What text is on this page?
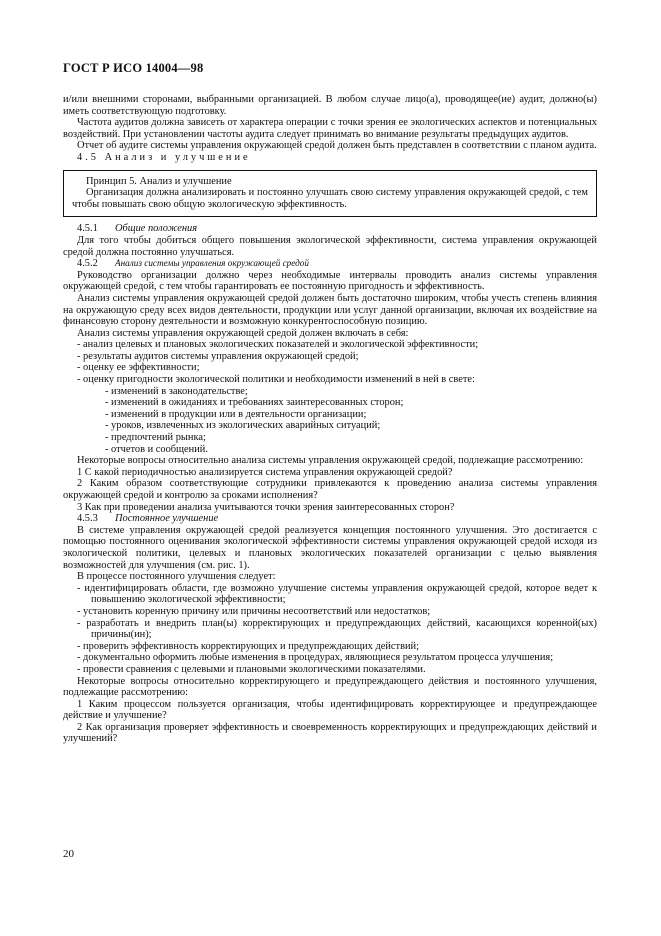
ГОСТ Р ИСО 14004—98

и/или внешними сторонами, выбранными организацией. В любом случае лицо(а), проводящее(ие) аудит, должно(ы) иметь соответствующую подготовку.

Частота аудитов должна зависеть от характера операции с точки зрения ее экологических аспектов и потенциальных воздействий. При установлении частоты аудита следует принимать во внимание результаты предыдущих аудитов.

Отчет об аудите системы управления окружающей средой должен быть представлен в соответствии с планом аудита.

4.5 Анализ и улучшение

Принцип 5. Анализ и улучшение

Организация должна анализировать и постоянно улучшать свою систему управления окружающей средой, с тем чтобы повышать свою общую экологическую эффективность.

4.5.1 Общие положения

Для того чтобы добиться общего повышения экологической эффективности, система управления окружающей средой должна постоянно улучшаться.

4.5.2 Анализ системы управления окружающей средой

Руководство организации должно через необходимые интервалы проводить анализ системы управления окружающей средой, с тем чтобы гарантировать ее постоянную пригодность и эффективность.

Анализ системы управления окружающей средой должен быть достаточно широким, чтобы учесть степень влияния на окружающую среду всех видов деятельности, продукции или услуг данной организации, включая их воздействие на финансовую сторону деятельности и возможную конкурентоспособную позицию.

Анализ системы управления окружающей средой должен включать в себя:

- анализ целевых и плановых экологических показателей и экологической эффективности;

- результаты аудитов системы управления окружающей средой;

- оценку ее эффективности;

- оценку пригодности экологической политики и необходимости изменений в ней в свете:

- изменений в законодательстве;

- изменений в ожиданиях и требованиях заинтересованных сторон;

- изменений в продукции или в деятельности организации;

- уроков, извлеченных из экологических аварийных ситуаций;

- предпочтений рынка;

- отчетов и сообщений.

Некоторые вопросы относительно анализа системы управления окружающей средой, подлежащие рассмотрению:

1 С какой периодичностью анализируется система управления окружающей средой?

2 Каким образом соответствующие сотрудники привлекаются к проведению анализа системы управления окружающей средой и контролю за сроками исполнения?

3 Как при проведении анализа учитываются точки зрения заинтересованных сторон?

4.5.3 Постоянное улучшение

В системе управления окружающей средой реализуется концепция постоянного улучшения. Это достигается с помощью постоянного оценивания экологической эффективности системы управления окружающей средой исходя из экологической политики, целевых и плановых экологических показателей организации с целью выявления возможностей для улучшения (см. рис. 1).

В процессе постоянного улучшения следует:

- идентифицировать области, где возможно улучшение системы управления окружающей средой, которое ведет к повышению экологической эффективности;

- установить коренную причину или причины несоответствий или недостатков;

- разработать и внедрить план(ы) корректирующих и предупреждающих действий, касающихся коренной(ых) причины(ин);

- проверить эффективность корректирующих и предупреждающих действий;

- документально оформить любые изменения в процедурах, являющиеся результатом процесса улучшения;

- провести сравнения с целевыми и плановыми экологическими показателями.

Некоторые вопросы относительно корректирующего и предупреждающего действия и постоянного улучшения, подлежащие рассмотрению:

1 Каким процессом пользуется организация, чтобы идентифицировать корректирующее и предупреждающее действие и улучшение?

2 Как организация проверяет эффективность и своевременность корректирующих и предупреждающих действий и улучшений?

20
